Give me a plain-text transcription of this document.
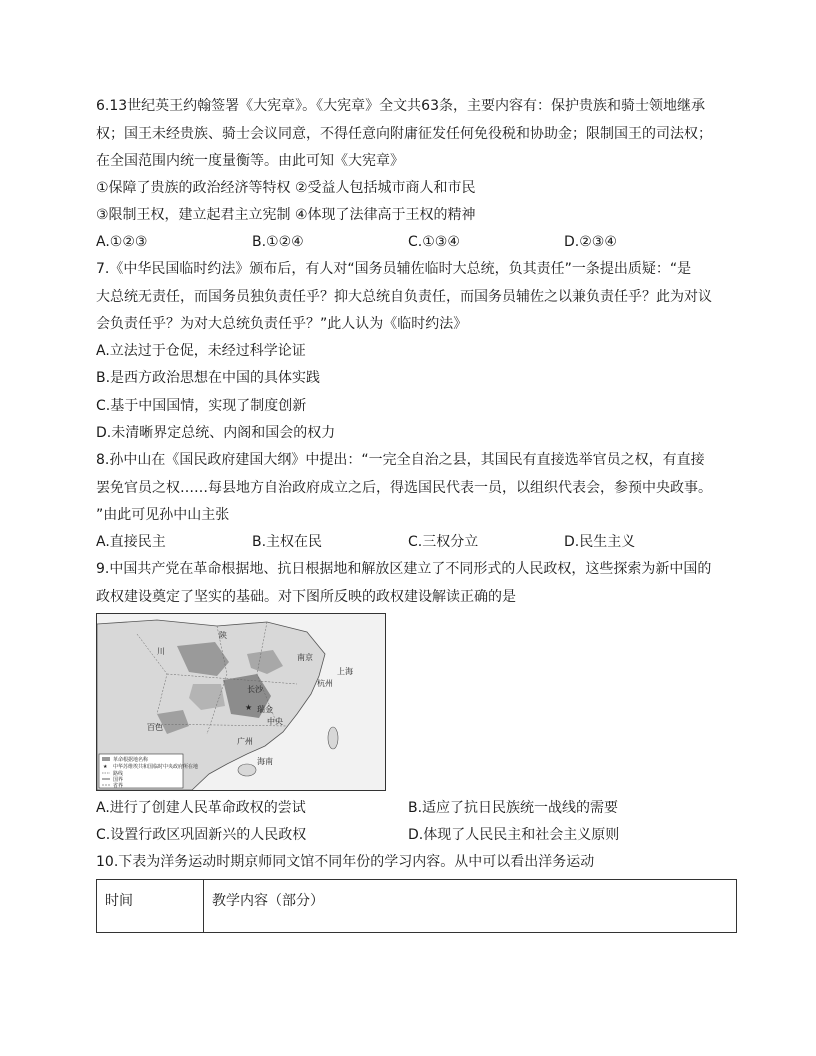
6.13世纪英王约翰签署《大宪章》。《大宪章》全文共63条，主要内容有：保护贵族和骑士领地继承
权；国王未经贵族、骑士会议同意，不得任意向附庸征发任何免役税和协助金；限制国王的司法权；
在全国范围内统一度量衡等。由此可知《大宪章》
①保障了贵族的政治经济等特权 ②受益人包括城市商人和市民
③限制王权，建立起君主立宪制 ④体现了法律高于王权的精神
A.①②③	B.①②④	C.①③④	D.②③④
7.《中华民国临时约法》颁布后，有人对“国务员辅佐临时大总统，负其责任”一条提出质疑：“是
大总统无责任，而国务员独负责任乎？抑大总统自负责任，而国务员辅佐之以兼负责任乎？此为对议
会负责任乎？为对大总统负责任乎？”此人认为《临时约法》
A.立法过于仓促，未经过科学论证
B.是西方政治思想在中国的具体实践
C.基于中国国情，实现了制度创新
D.未清晰界定总统、内阁和国会的权力
8.孙中山在《国民政府建国大纲》中提出：“一完全自治之县，其国民有直接选举官员之权，有直接
罢免官员之权……每县地方自治政府成立之后，得选国民代表一员，以组织代表会，参预中央政事。
”由此可见孙中山主张
A.直接民主	B.主权在民	C.三权分立	D.民生主义
9.中国共产党在革命根据地、抗日根据地和解放区建立了不同形式的人民政权，这些探索为新中国的
政权建设奠定了坚实的基础。对下图所反映的政权建设解读正确的是
★
川
陕
南京
上海
杭州
长沙
瑞金
广州
百色
海南
中央
革命根据地名称
★ 中华苏维埃共和国临时中央政府所在地
路线
国界
省界
A.进行了创建人民革命政权的尝试	B.适应了抗日民族统一战线的需要
C.设置行政区巩固新兴的人民政权	D.体现了人民民主和社会主义原则
10.下表为洋务运动时期京师同文馆不同年份的学习内容。从中可以看出洋务运动
时间	教学内容（部分）
